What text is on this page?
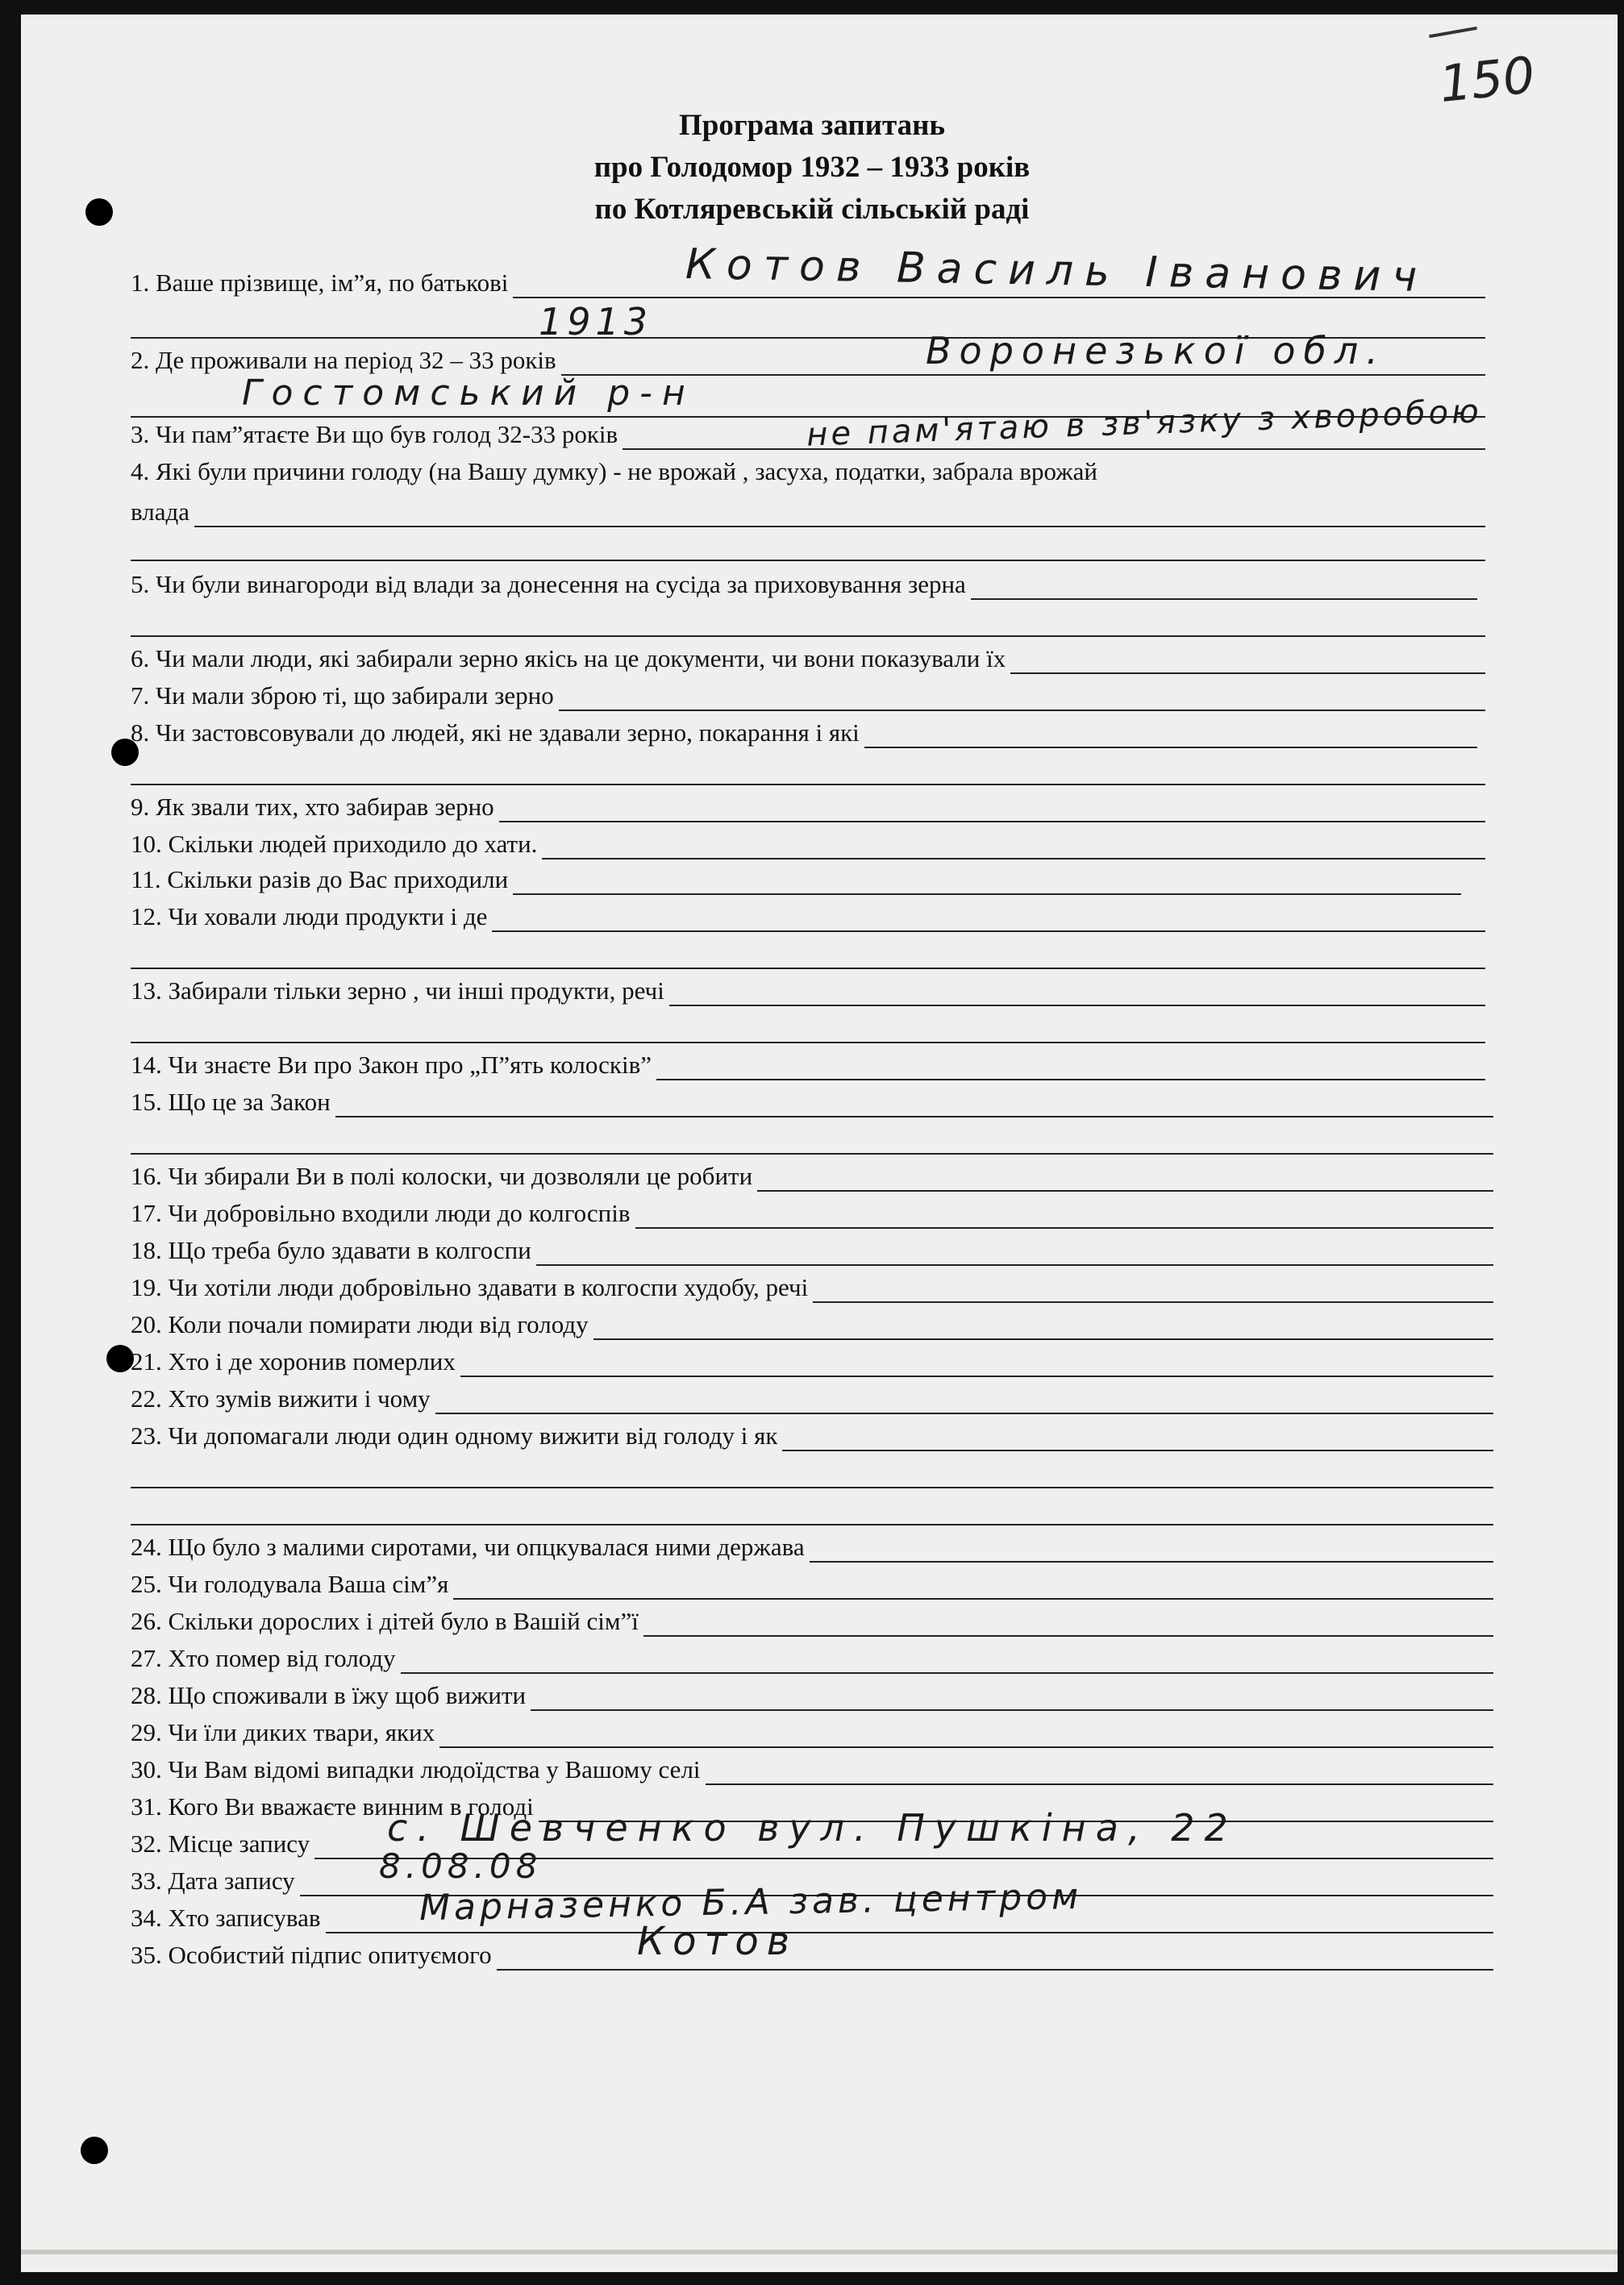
150
Програма запитань
про Голодомор 1932 – 1933 років
по Котляревській сільській раді
1. Ваше прізвище, ім”я, по батькові
2. Де проживали на період 32 – 33 років
3. Чи пам”ятаєте Ви що був голод 32-33 років
4. Які були причини голоду (на Вашу думку) - не врожай , засуха, податки, забрала врожай
влада
5. Чи були винагороди від влади за донесення на сусіда за приховування зерна
6. Чи мали люди, які забирали зерно якісь на це документи, чи вони показували їх
7. Чи мали зброю ті, що забирали зерно
8. Чи застовсовували до людей, які не здавали зерно, покарання і які
9. Як звали тих, хто забирав зерно
10. Скільки людей приходило до хати.
11. Скільки разів до Вас приходили
12. Чи ховали люди продукти і де
13. Забирали тільки зерно , чи інші продукти, речі
14. Чи знаєте Ви про Закон про „П”ять колосків”
15. Що це за Закон
16. Чи збирали Ви в полі колоски, чи дозволяли це робити
17. Чи добровільно входили люди до колгоспів
18. Що треба було здавати в колгоспи
19. Чи хотіли люди добровільно здавати в колгоспи худобу, речі
20. Коли почали помирати люди від голоду
21. Хто і де хоронив померлих
22. Хто зумів вижити і чому
23. Чи допомагали люди один одному вижити від голоду і як
24. Що було з малими сиротами, чи опцкувалася ними держава
25. Чи голодувала Ваша сім”я
26. Скільки дорослих і дітей було в Вашій сім”ї
27. Хто помер від голоду
28. Що споживали в їжу щоб вижити
29. Чи їли диких твари, яких
30. Чи Вам відомі випадки людоїдства у Вашому селі
31. Кого Ви вважаєте винним в голоді
32. Місце запису
33. Дата запису
34. Хто записував
35. Особистий підпис опитуємого
Котов Василь Іванович
1913
Воронезької обл.
Гостомський р-н	не пам'ятаю в зв'язку з хворобою
с. Шевченко вул. Пушкіна, 22
8.08.08
Марназенко Б.А зав. центром
Котов
